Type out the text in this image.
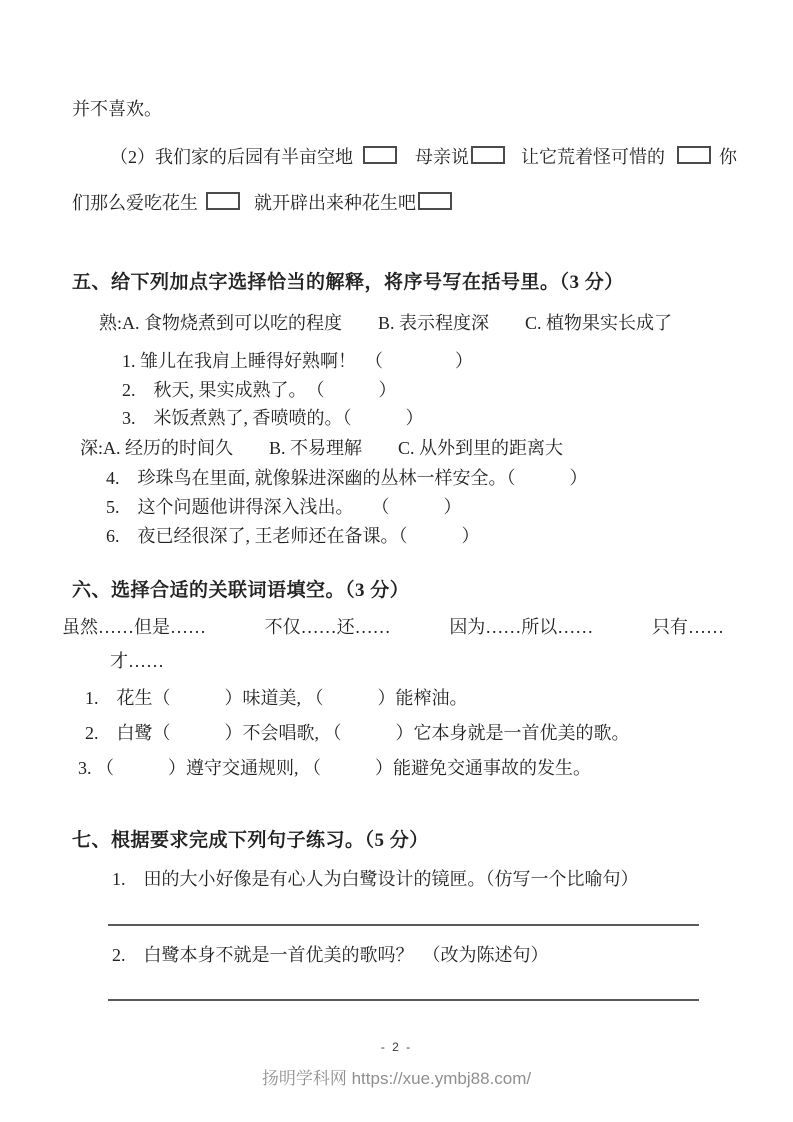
并不喜欢。
（2）我们家的后园有半亩空地	母亲说	让它荒着怪可惜的	你
们那么爱吃花生	就开辟出来种花生吧
五、给下列加点字选择恰当的解释，将序号写在括号里。（3 分）
熟:A. 食物烧煮到可以吃的程度　　B. 表示程度深　　C. 植物果实长成了
1. 雏儿在我肩上睡得好熟啊！　（　　　　）
2.　秋天, 果实成熟了。　（　　　）
3.　米饭煮熟了, 香喷喷的。（　　　）
深:A. 经历的时间久　　B. 不易理解　　C. 从外到里的距离大
4.　珍珠鸟在里面, 就像躲进深幽的丛林一样安全。（　　　）
5.　这个问题他讲得深入浅出。　　（　　　）
6.　夜已经很深了, 王老师还在备课。（　　　）
六、选择合适的关联词语填空。（3 分）
虽然……但是……	不仅……还……	因为……所以……	只有……
才……
1.　花生（　　　）味道美, （　　　）能榨油。
2.　白鹭（　　　）不会唱歌, （　　　）它本身就是一首优美的歌。
3. （　　　）遵守交通规则, （　　　）能避免交通事故的发生。
七、根据要求完成下列句子练习。（5 分）
1.　田的大小好像是有心人为白鹭设计的镜匣。（仿写一个比喻句）
2.　白鹭本身不就是一首优美的歌吗？　（改为陈述句）
- 2 -
扬明学科网 https://xue.ymbj88.com/
